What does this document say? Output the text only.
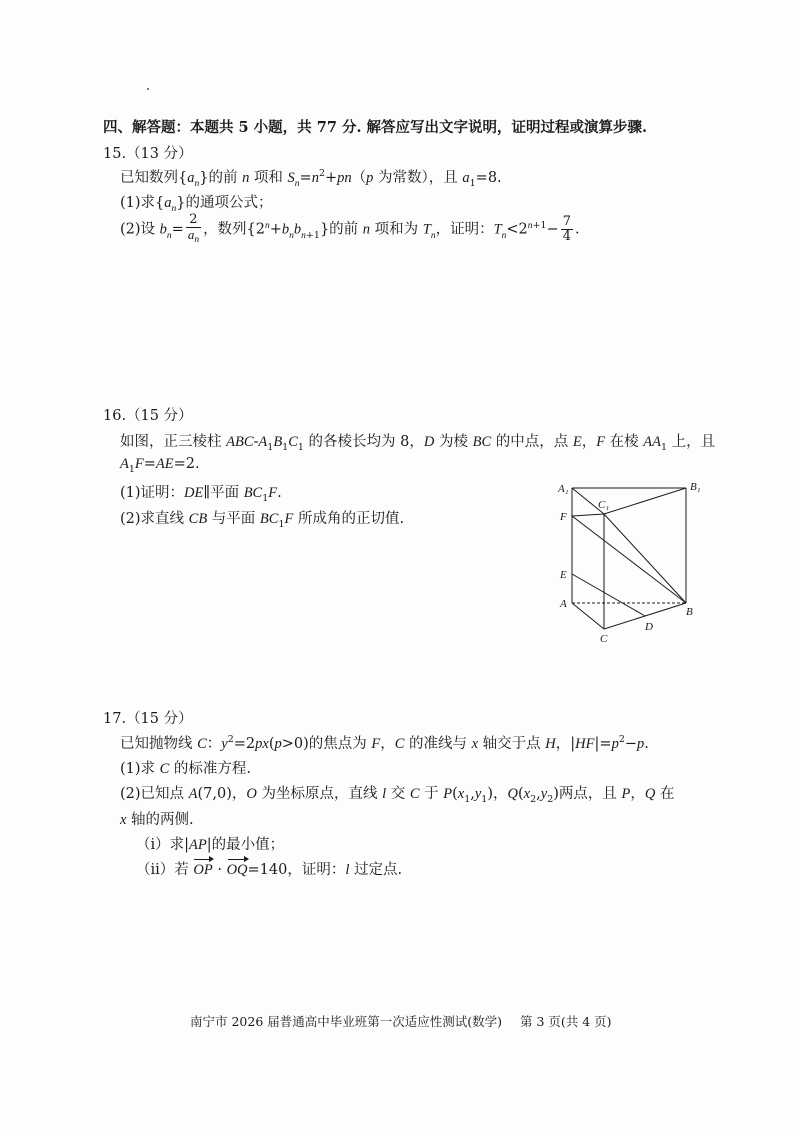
四、解答题：本题共 5 小题，共 77 分. 解答应写出文字说明，证明过程或演算步骤.
15.（13 分）
已知数列$\{a_n\}$的前 n 项和 $S_n=n^2+pn(p$ 为常数），且 $a_1=8$.
(1)求$\{a_n\}$的通项公式；
(2)设 $b_n= \frac{2}{a_n}$ ，数列$\{2^n+b_nb_{n+1}\}$的前 n 项和为 $T_n$，证明：$T_n<2^{n+1}- \frac{7}{4}$ .
16.（15 分）
如图，正三棱柱 ABC-$A_1B_1C_1$ 的各棱长均为 8，D 为棱 BC 的中点，点 E，F 在棱 $AA_1$ 上，且
$A_1F=AE=2$.
(1)证明：DE∥平面 $BC_1F$.
(2)求直线 CB 与平面 $BC_1F$ 所成角的正切值.
A₁	B₁
C₁
F
E
A
B
C
D
17.（15 分）
已知抛物线 C：$y^2=2px(p>0)$的焦点为 F，C 的准线与 x 轴交于点 H，$|HF|=p^2-p$.
(1)求 C 的标准方程.
(2)已知点 A(7,0)，O 为坐标原点，直线 l 交 C 于 $P(x_1,y_1)$，$Q(x_2,y_2)$两点，且 P，Q 在
x 轴的两侧.
（ⅰ）求|AP|的最小值；
（ⅱ）若 OP · OQ=140，证明：l 过定点.
南宁市 2026 届普通高中毕业班第一次适应性测试(数学) 第 3 页(共 4 页)
